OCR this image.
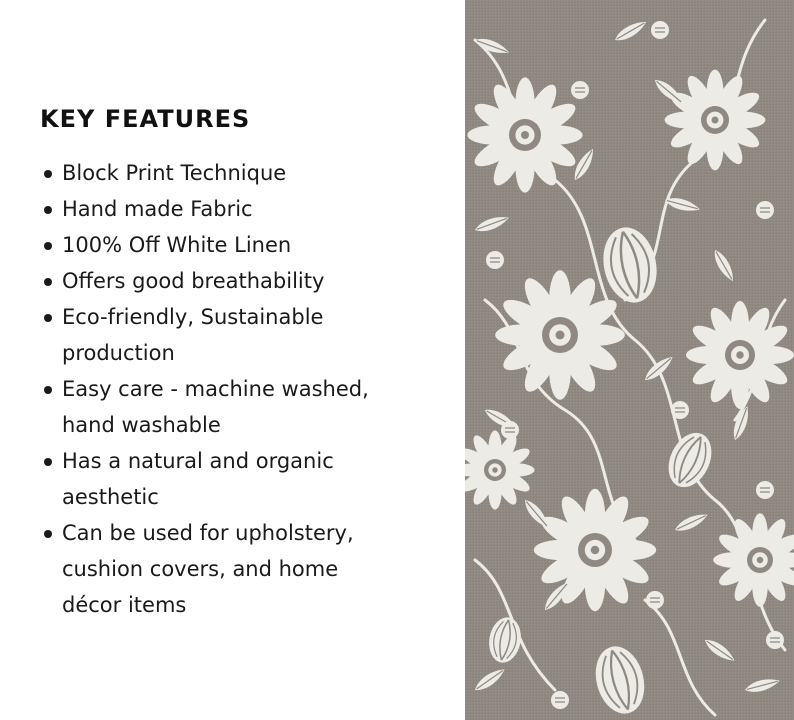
KEY FEATURES
Block Print Technique
Hand made Fabric
100% Off White Linen
Offers good breathability
Eco-friendly, Sustainable
production
Easy care - machine washed,
hand washable
Has a natural and organic
aesthetic
Can be used for upholstery,
cushion covers, and home
décor items
